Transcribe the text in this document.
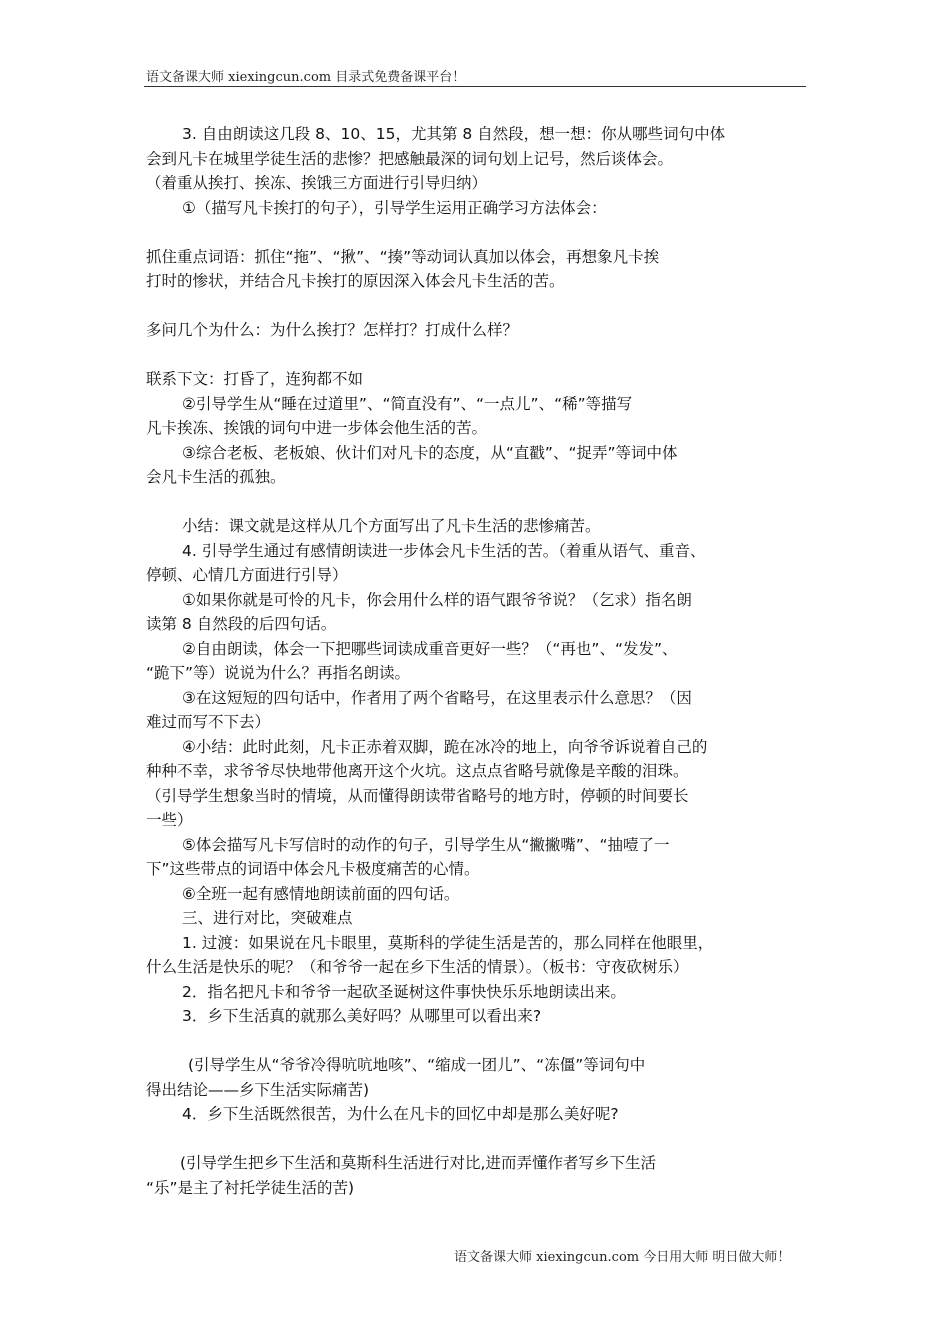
语文备课大师 xiexingcun.com 目录式免费备课平台！
3. 自由朗读这几段 8、10、15，尤其第 8 自然段，想一想：你从哪些词句中体
会到凡卡在城里学徒生活的悲惨？把感触最深的词句划上记号，然后谈体会。
（着重从挨打、挨冻、挨饿三方面进行引导归纳）
①（描写凡卡挨打的句子），引导学生运用正确学习方法体会：
抓住重点词语：抓住“拖”、“揪”、“揍”等动词认真加以体会，再想象凡卡挨
打时的惨状，并结合凡卡挨打的原因深入体会凡卡生活的苦。
多问几个为什么：为什么挨打？怎样打？打成什么样？
联系下文：打昏了，连狗都不如
②引导学生从“睡在过道里”、“简直没有”、“一点儿”、“稀”等描写
凡卡挨冻、挨饿的词句中进一步体会他生活的苦。
③综合老板、老板娘、伙计们对凡卡的态度，从“直戳”、“捉弄”等词中体
会凡卡生活的孤独。
小结：课文就是这样从几个方面写出了凡卡生活的悲惨痛苦。
4. 引导学生通过有感情朗读进一步体会凡卡生活的苦。（着重从语气、重音、
停顿、心情几方面进行引导）
①如果你就是可怜的凡卡，你会用什么样的语气跟爷爷说？（乞求）指名朗
读第 8 自然段的后四句话。
②自由朗读，体会一下把哪些词读成重音更好一些？（“再也”、“发发”、
“跪下”等）说说为什么？再指名朗读。
③在这短短的四句话中，作者用了两个省略号，在这里表示什么意思？（因
难过而写不下去）
④小结：此时此刻，凡卡正赤着双脚，跪在冰冷的地上，向爷爷诉说着自己的
种种不幸，求爷爷尽快地带他离开这个火坑。这点点省略号就像是辛酸的泪珠。
（引导学生想象当时的情境，从而懂得朗读带省略号的地方时，停顿的时间要长
一些）
⑤体会描写凡卡写信时的动作的句子，引导学生从“撇撇嘴”、“抽噎了一
下”这些带点的词语中体会凡卡极度痛苦的心情。
⑥全班一起有感情地朗读前面的四句话。
三、进行对比，突破难点
1. 过渡：如果说在凡卡眼里，莫斯科的学徒生活是苦的，那么同样在他眼里，
什么生活是快乐的呢？（和爷爷一起在乡下生活的情景）。（板书：守夜砍树乐）
2．指名把凡卡和爷爷一起砍圣诞树这件事快快乐乐地朗读出来。
3．乡下生活真的就那么美好吗？从哪里可以看出来?
(引导学生从“爷爷冷得吭吭地咳”、“缩成一团儿”、“冻僵”等词句中
得出结论——乡下生活实际痛苦)
4．乡下生活既然很苦，为什么在凡卡的回忆中却是那么美好呢?
(引导学生把乡下生活和莫斯科生活进行对比,进而弄懂作者写乡下生活
“乐”是主了衬托学徒生活的苦)
语文备课大师 xiexingcun.com 今日用大师 明日做大师！
